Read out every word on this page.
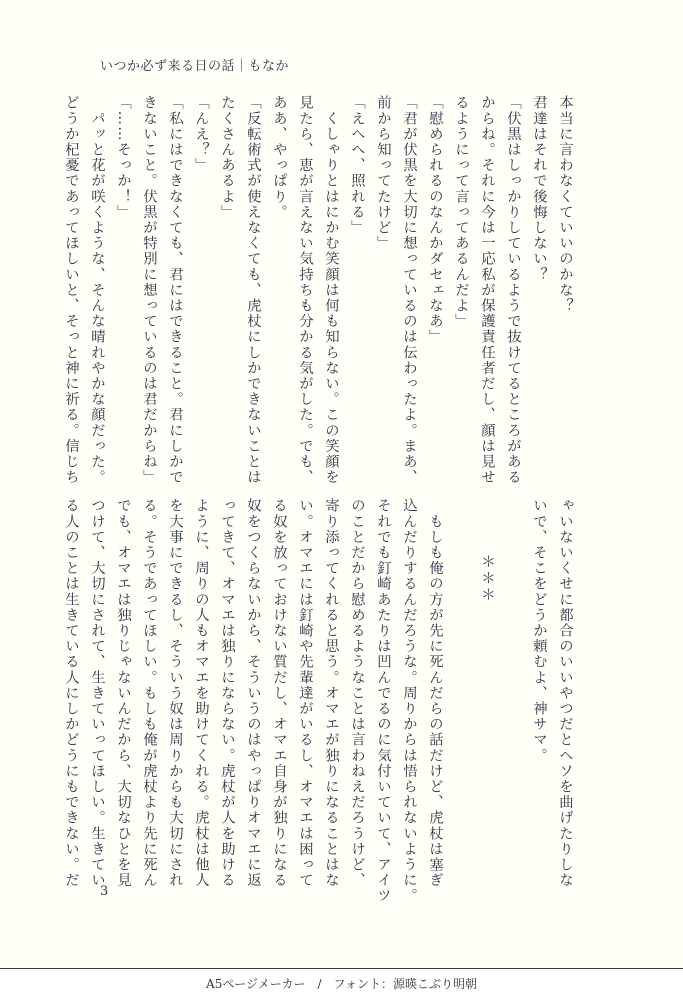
いつか必ず来る日の話｜もなか

本当に言わなくていいのかな？

君達はそれで後悔しない？

「伏黒はしっかりしているようで抜けてるところがある

からね。それに今は一応私が保護責任者だし、顔は見せ

るようにって言ってあるんだよ」

「慰められるのなんかダセェなあ」

「君が伏黒を大切に想っているのは伝わったよ。まあ、

前から知ってたけど」

「えへへ、照れる」

　くしゃりとはにかむ笑顔は何も知らない。この笑顔を

見たら、恵が言えない気持ちも分かる気がした。でも、

ああ、やっぱり。

「反転術式が使えなくても、虎杖にしかできないことは

たくさんあるよ」

「んえ？」

「私にはできなくても、君にはできること。君にしかで

きないこと。伏黒が特別に想っているのは君だからね」

「……そっか！」

　パッと花が咲くような、そんな晴れやかな顔だった。

どうか杞憂であってほしいと、そっと神に祈る。信じち

ゃいないくせに都合のいいやつだとヘソを曲げたりしな

いで、そこをどうか頼むよ、神サマ。

＊＊＊

　もしも俺の方が先に死んだらの話だけど、虎杖は塞ぎ

込んだりするんだろうな。周りからは悟られないように。

それでも釘崎あたりは凹んでるのに気付いていて、アイツ

のことだから慰めるようなことは言わねえだろうけど、

寄り添ってくれると思う。オマエが独りになることはな

い。オマエには釘崎や先輩達がいるし、オマエは困って

る奴を放っておけない質だし、オマエ自身が独りになる

奴をつくらないから、そういうのはやっぱりオマエに返

ってきて、オマエは独りにならない。虎杖が人を助ける

ように、周りの人もオマエを助けてくれる。虎杖は他人

を大事にできるし、そういう奴は周りからも大切にされ

る。そうであってほしい。もしも俺が虎杖より先に死ん

でも、オマエは独りじゃないんだから、大切なひとを見

つけて、大切にされて、生きていってほしい。生きてい

る人のことは生きている人にしかどうにもできない。だ

3
A5ページメーカー　/　フォント：源暎こぶり明朝
